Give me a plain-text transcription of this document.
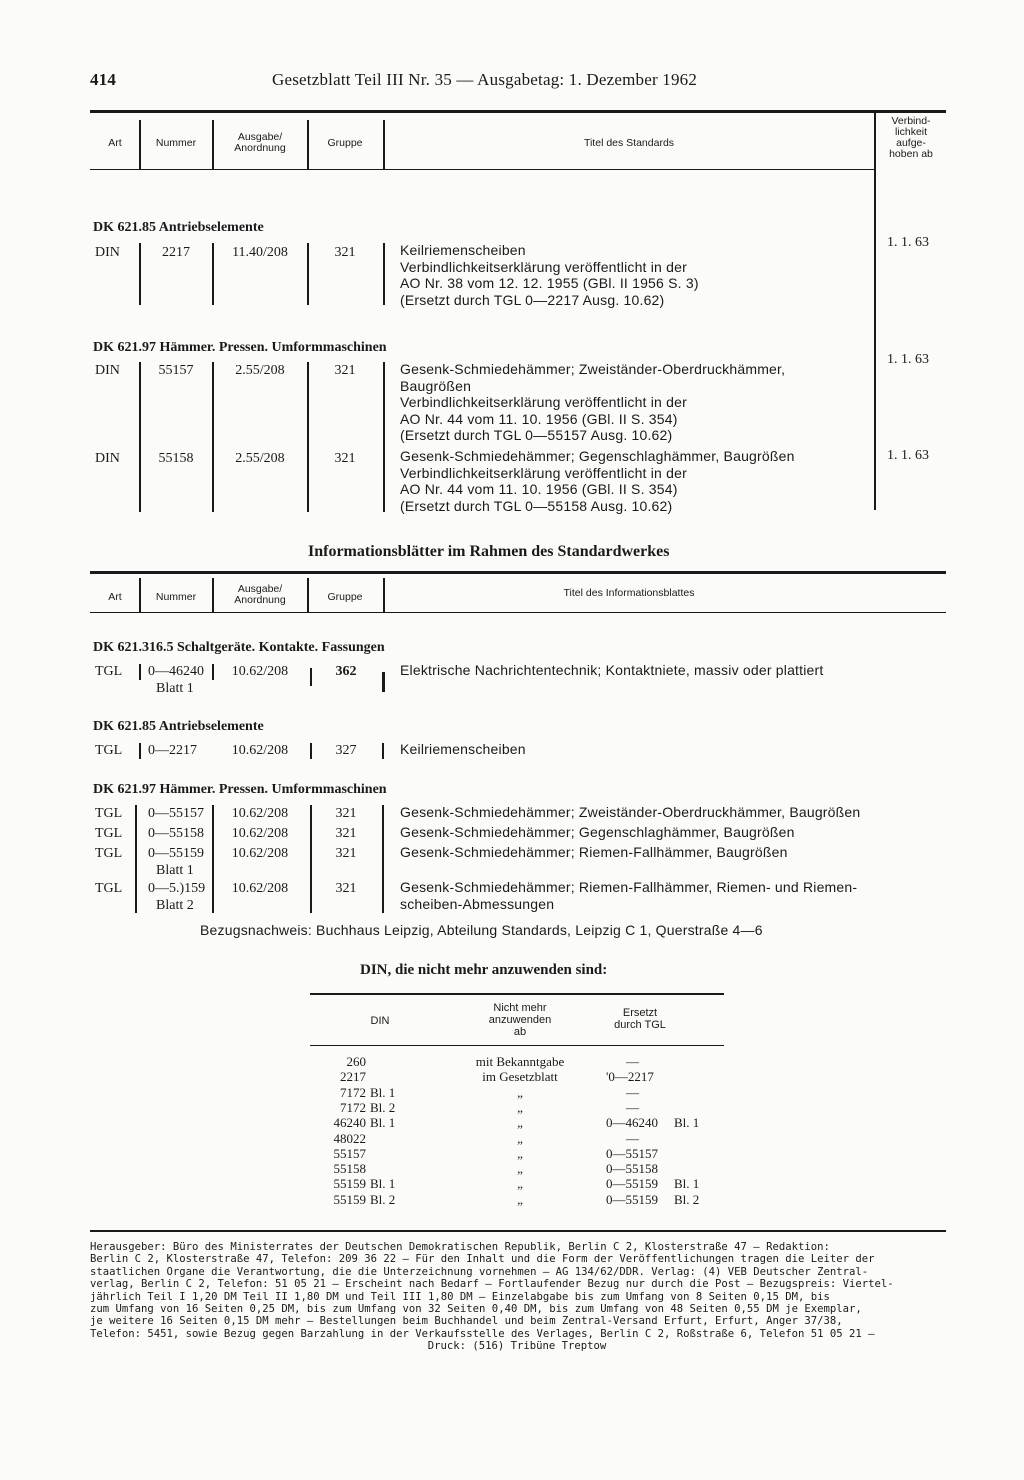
414	Gesetzblatt Teil III Nr. 35 — Ausgabetag: 1. Dezember 1962
Art	Nummer	Ausgabe/
Anordnung	Gruppe	Titel des Standards
Verbind-
lichkeit
aufge-
hoben ab
DK 621.85 Antriebselemente
DIN	2217	11.40/208	321	Keilriemenscheiben
Verbindlichkeitserklärung veröffentlicht in der
AO Nr. 38 vom 12. 12. 1955 (GBl. II 1956 S. 3)
(Ersetzt durch TGL 0—2217 Ausg. 10.62)
1. 1. 63
DK 621.97 Hämmer. Pressen. Umformmaschinen
DIN	55157	2.55/208	321	Gesenk-Schmiedehämmer; Zweiständer-Oberdruckhämmer,
Baugrößen
Verbindlichkeitserklärung veröffentlicht in der
AO Nr. 44 vom 11. 10. 1956 (GBl. II S. 354)
(Ersetzt durch TGL 0—55157 Ausg. 10.62)
1. 1. 63
DIN	55158	2.55/208	321	Gesenk-Schmiedehämmer; Gegenschlaghämmer, Baugrößen
Verbindlichkeitserklärung veröffentlicht in der
AO Nr. 44 vom 11. 10. 1956 (GBl. II S. 354)
(Ersetzt durch TGL 0—55158 Ausg. 10.62)
1. 1. 63
Informationsblätter im Rahmen des Standardwerkes
Art	Nummer
Ausgabe/
Anordnung	Gruppe	Titel des Informationsblattes
DK 621.316.5 Schaltgeräte. Kontakte. Fassungen
TGL 0—46240
Blatt 1
10.62/208	362	Elektrische Nachrichtentechnik; Kontaktniete, massiv oder plattiert
DK 621.85 Antriebselemente
TGL 0—2217	10.62/208	327	Keilriemenscheiben
DK 621.97 Hämmer. Pressen. Umformmaschinen
TGL 0—55157	10.62/208	321	Gesenk-Schmiedehämmer; Zweiständer-Oberdruckhämmer, Baugrößen
TGL 0—55158	10.62/208	321	Gesenk-Schmiedehämmer; Gegenschlaghämmer, Baugrößen
TGL 0—55159
Blatt 1
10.62/208	321	Gesenk-Schmiedehämmer; Riemen-Fallhämmer, Baugrößen
TGL 0—5.)159
Blatt 2
10.62/208	321	Gesenk-Schmiedehämmer; Riemen-Fallhämmer, Riemen- und Riemen-
scheiben-Abmessungen
Bezugsnachweis: Buchhaus Leipzig, Abteilung Standards, Leipzig C 1, Querstraße 4—6
DIN, die nicht mehr anzuwenden sind:
DIN
Nicht mehr
anzuwenden
ab
Ersetzt
durch TGL
260	mit Bekanntgabe	—
2217	im Gesetzblatt	'0—2217
7172 Bl. 1	„	—
7172 Bl. 2	„	—
46240 Bl. 1	„	0—46240 Bl. 1
48022	„	—
55157	„	0—55157
55158	„	0—55158
55159 Bl. 1	„	0—55159 Bl. 1
55159 Bl. 2	„	0—55159 Bl. 2

Herausgeber: Büro des Ministerrates der Deutschen Demokratischen Republik, Berlin C 2, Klosterstraße 47 — Redaktion:

Berlin C 2, Klosterstraße 47, Telefon: 209 36 22 — Für den Inhalt und die Form der Veröffentlichungen tragen die Leiter der

staatlichen Organe die Verantwortung, die die Unterzeichnung vornehmen — AG 134/62/DDR. Verlag: (4) VEB Deutscher Zentral-

verlag, Berlin C 2, Telefon: 51 05 21 — Erscheint nach Bedarf — Fortlaufender Bezug nur durch die Post — Bezugspreis: Viertel-

jährlich Teil I 1,20 DM Teil II 1,80 DM und Teil III 1,80 DM — Einzelabgabe bis zum Umfang von 8 Seiten 0,15 DM, bis

zum Umfang von 16 Seiten 0,25 DM, bis zum Umfang von 32 Seiten 0,40 DM, bis zum Umfang von 48 Seiten 0,55 DM je Exemplar,

je weitere 16 Seiten 0,15 DM mehr — Bestellungen beim Buchhandel und beim Zentral-Versand Erfurt, Erfurt, Anger 37/38,

Telefon: 5451, sowie Bezug gegen Barzahlung in der Verkaufsstelle des Verlages, Berlin C 2, Roßstraße 6, Telefon 51 05 21 —

Druck: (516) Tribüne Treptow
